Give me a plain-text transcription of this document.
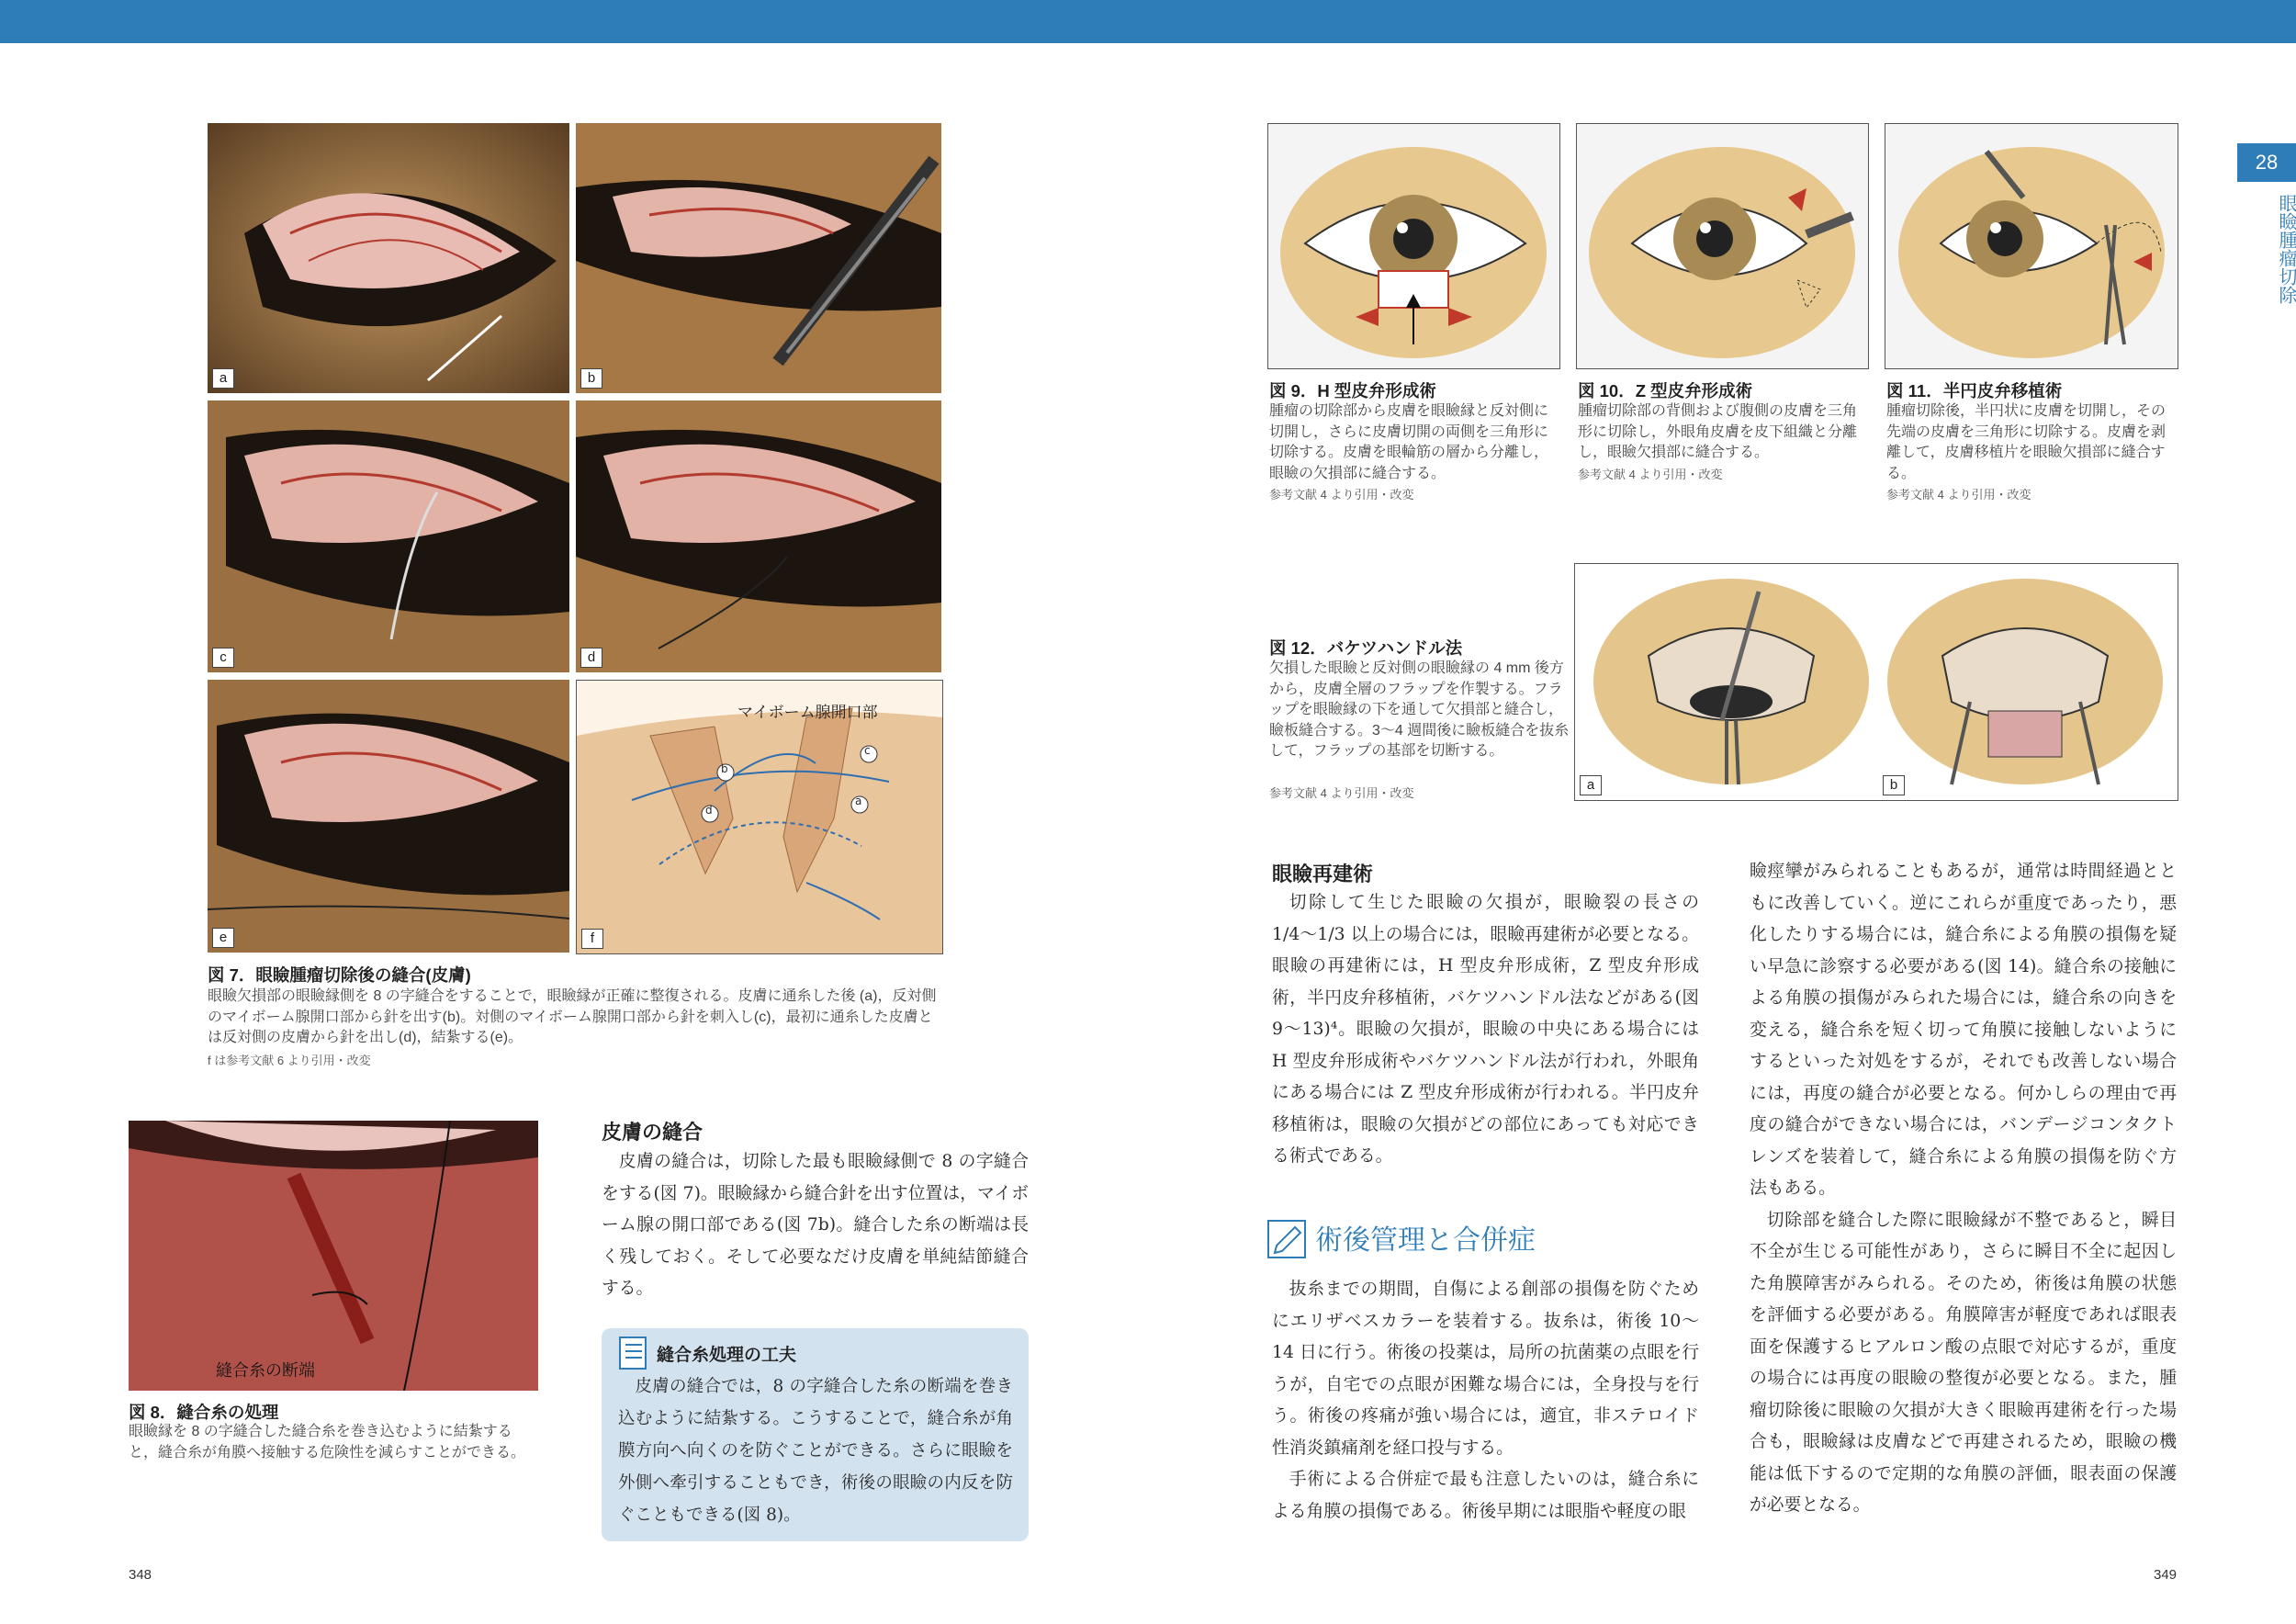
a	b
c	d
e
マイボーム腺開口部
b
c
d
a
f
図 7．眼瞼腫瘤切除後の縫合(皮膚)
眼瞼欠損部の眼瞼縁側を 8 の字縫合をすることで，眼瞼縁が正確に整復される。皮膚に通糸した後 (a)，反対側のマイボーム腺開口部から針を出す(b)。対側のマイボーム腺開口部から針を刺入し(c)，最初に通糸した皮膚とは反対側の皮膚から針を出し(d)，結紮する(e)。
f は参考文献 6 より引用・改変
縫合糸の断端
図 8．縫合糸の処理
眼瞼縁を 8 の字縫合した縫合糸を巻き込むように結紮すると，縫合糸が角膜へ接触する危険性を減らすことができる。
皮膚の縫合

皮膚の縫合は，切除した最も眼瞼縁側で 8 の字縫合をする(図 7)。眼瞼縁から縫合針を出す位置は，マイボーム腺の開口部である(図 7b)。縫合した糸の断端は長く残しておく。そして必要なだけ皮膚を単純結節縫合する。

縫合糸処理の工夫

皮膚の縫合では，8 の字縫合した糸の断端を巻き込むように結紮する。こうすることで，縫合糸が角膜方向へ向くのを防ぐことができる。さらに眼瞼を外側へ牽引することもでき，術後の眼瞼の内反を防ぐこともできる(図 8)。

348
図 9．H 型皮弁形成術
腫瘤の切除部から皮膚を眼瞼縁と反対側に切開し，さらに皮膚切開の両側を三角形に切除する。皮膚を眼輪筋の層から分離し，眼瞼の欠損部に縫合する。
参考文献 4 より引用・改変
図 10．Z 型皮弁形成術
腫瘤切除部の背側および腹側の皮膚を三角形に切除し，外眼角皮膚を皮下組織と分離し，眼瞼欠損部に縫合する。
参考文献 4 より引用・改変
図 11．半円皮弁移植術
腫瘤切除後，半円状に皮膚を切開し，その先端の皮膚を三角形に切除する。皮膚を剥離して，皮膚移植片を眼瞼欠損部に縫合する。
参考文献 4 より引用・改変
図 12．バケツハンドル法
欠損した眼瞼と反対側の眼瞼縁の 4 mm 後方から，皮膚全層のフラップを作製する。フラップを眼瞼縁の下を通して欠損部と縫合し，瞼板縫合する。3〜4 週間後に瞼板縫合を抜糸して，フラップの基部を切断する。
参考文献 4 より引用・改変
a	b
眼瞼再建術

切除して生じた眼瞼の欠損が，眼瞼裂の長さの 1/4〜1/3 以上の場合には，眼瞼再建術が必要となる。眼瞼の再建術には，H 型皮弁形成術，Z 型皮弁形成術，半円皮弁移植術，バケツハンドル法などがある(図 9〜13)⁴。眼瞼の欠損が，眼瞼の中央にある場合には H 型皮弁形成術やバケツハンドル法が行われ，外眼角にある場合には Z 型皮弁形成術が行われる。半円皮弁移植術は，眼瞼の欠損がどの部位にあっても対応できる術式である。

術後管理と合併症

抜糸までの期間，自傷による創部の損傷を防ぐためにエリザベスカラーを装着する。抜糸は，術後 10〜14 日に行う。術後の投薬は，局所の抗菌薬の点眼を行うが，自宅での点眼が困難な場合には，全身投与を行う。術後の疼痛が強い場合には，適宜，非ステロイド性消炎鎮痛剤を経口投与する。

手術による合併症で最も注意したいのは，縫合糸による角膜の損傷である。術後早期には眼脂や軽度の眼

瞼痙攣がみられることもあるが，通常は時間経過とともに改善していく。逆にこれらが重度であったり，悪化したりする場合には，縫合糸による角膜の損傷を疑い早急に診察する必要がある(図 14)。縫合糸の接触による角膜の損傷がみられた場合には，縫合糸の向きを変える，縫合糸を短く切って角膜に接触しないようにするといった対処をするが，それでも改善しない場合には，再度の縫合が必要となる。何かしらの理由で再度の縫合ができない場合には，バンデージコンタクトレンズを装着して，縫合糸による角膜の損傷を防ぐ方法もある。

切除部を縫合した際に眼瞼縁が不整であると，瞬目不全が生じる可能性があり，さらに瞬目不全に起因した角膜障害がみられる。そのため，術後は角膜の状態を評価する必要がある。角膜障害が軽度であれば眼表面を保護するヒアルロン酸の点眼で対応するが，重度の場合には再度の眼瞼の整復が必要となる。また，腫瘤切除後に眼瞼の欠損が大きく眼瞼再建術を行った場合も，眼瞼縁は皮膚などで再建されるため，眼瞼の機能は低下するので定期的な角膜の評価，眼表面の保護が必要となる。

28
眼瞼腫瘤切除
349
